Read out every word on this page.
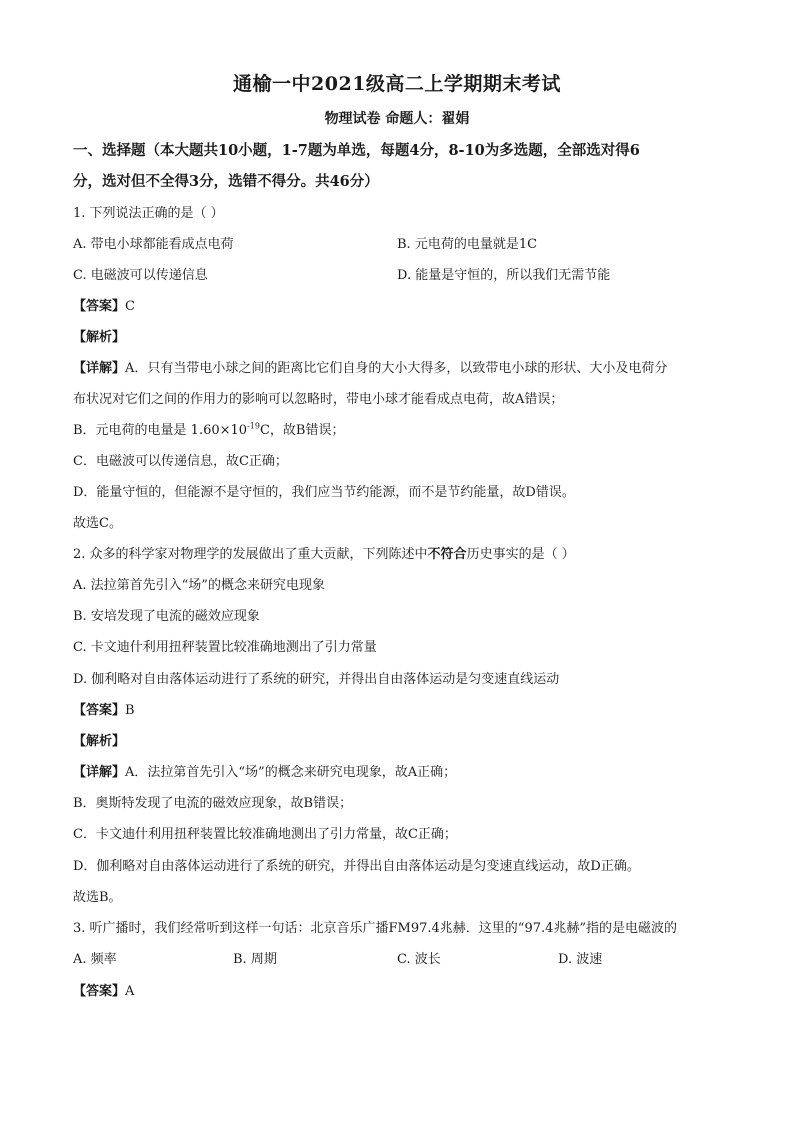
通榆一中2021级高二上学期期末考试
物理试卷 命题人：翟娟
一、选择题（本大题共10小题，1-7题为单选，每题4分，8-10为多选题，全部选对得6
分，选对但不全得3分，选错不得分。共46分）
1. 下列说法正确的是（ ）
A. 带电小球都能看成点电荷	B. 元电荷的电量就是1C
C. 电磁波可以传递信息	D. 能量是守恒的，所以我们无需节能
【答案】C
【解析】
【详解】A．只有当带电小球之间的距离比它们自身的大小大得多，以致带电小球的形状、大小及电荷分
布状况对它们之间的作用力的影响可以忽略时，带电小球才能看成点电荷，故A错误；
B．元电荷的电量是 $1.60\times 10^{-19}C$，故B错误；
C．电磁波可以传递信息，故C正确；
D．能量守恒的，但能源不是守恒的，我们应当节约能源，而不是节约能量，故D错误。
故选C。
2. 众多的科学家对物理学的发展做出了重大贡献，下列陈述中不符合历史事实的是（ ）
A. 法拉第首先引入“场”的概念来研究电现象
B. 安培发现了电流的磁效应现象
C. 卡文迪什利用扭秤装置比较准确地测出了引力常量
D. 伽利略对自由落体运动进行了系统的研究，并得出自由落体运动是匀变速直线运动
【答案】B
【解析】
【详解】A．法拉第首先引入“场”的概念来研究电现象，故A正确；
B．奥斯特发现了电流的磁效应现象，故B错误；
C．卡文迪什利用扭秤装置比较准确地测出了引力常量，故C正确；
D．伽利略对自由落体运动进行了系统的研究，并得出自由落体运动是匀变速直线运动，故D正确。
故选B。
3. 听广播时，我们经常听到这样一句话：北京音乐广播FM97.4兆赫．这里的“97.4兆赫”指的是电磁波的
A. 频率	B. 周期	C. 波长	D. 波速
【答案】A
